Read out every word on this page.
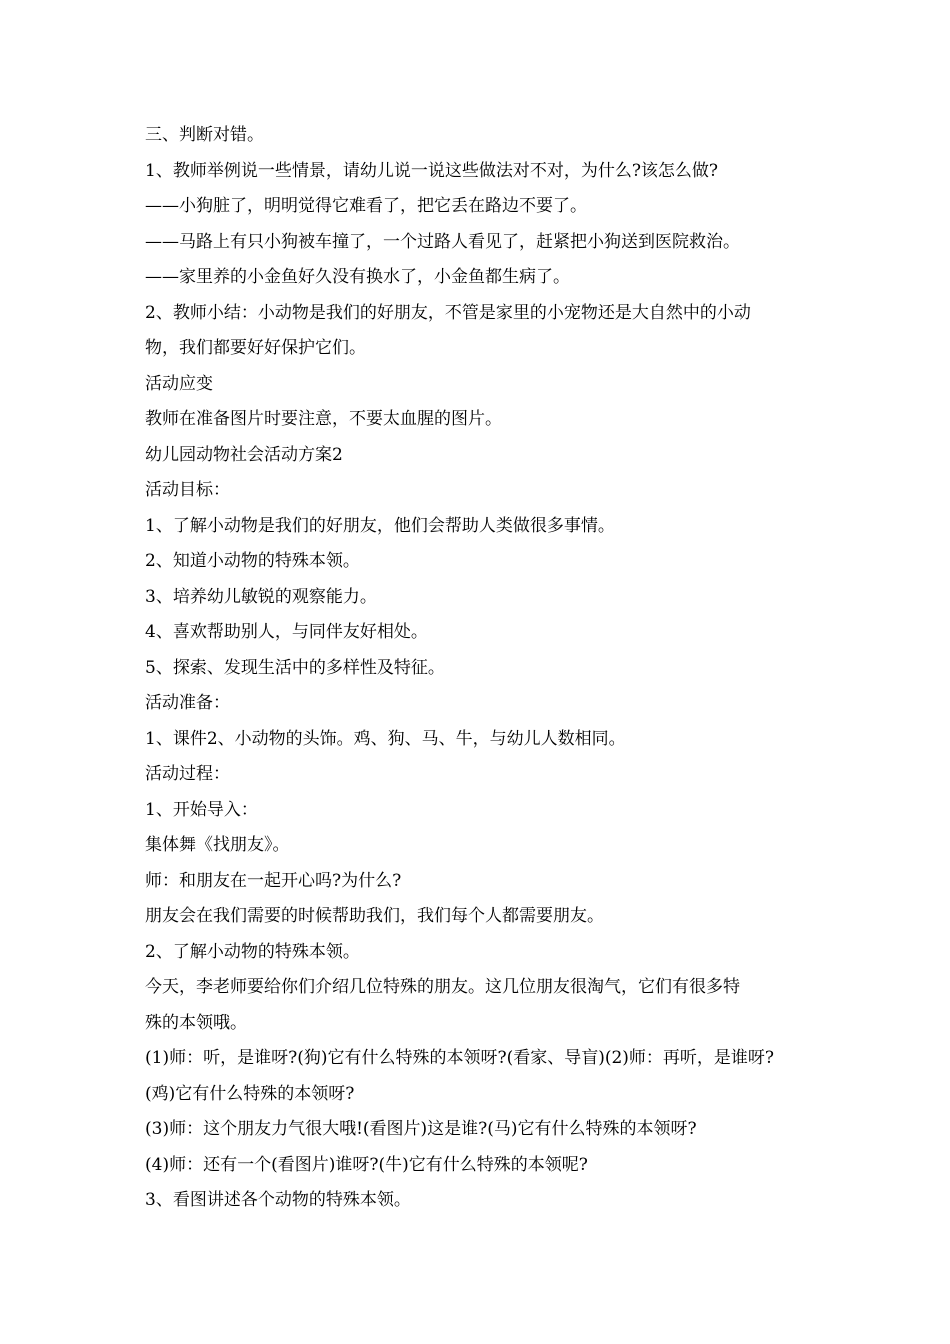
三、判断对错。

1、教师举例说一些情景，请幼儿说一说这些做法对不对，为什么?该怎么做?

——小狗脏了，明明觉得它难看了，把它丢在路边不要了。

——马路上有只小狗被车撞了，一个过路人看见了，赶紧把小狗送到医院救治。

——家里养的小金鱼好久没有换水了，小金鱼都生病了。

2、教师小结：小动物是我们的好朋友，不管是家里的小宠物还是大自然中的小动

物，我们都要好好保护它们。

活动应变

教师在准备图片时要注意，不要太血腥的图片。

幼儿园动物社会活动方案2

活动目标：

1、了解小动物是我们的好朋友，他们会帮助人类做很多事情。

2、知道小动物的特殊本领。

3、培养幼儿敏锐的观察能力。

4、喜欢帮助别人，与同伴友好相处。

5、探索、发现生活中的多样性及特征。

活动准备：

1、课件2、小动物的头饰。鸡、狗、马、牛，与幼儿人数相同。

活动过程：

1、开始导入：

集体舞《找朋友》。

师：和朋友在一起开心吗?为什么?

朋友会在我们需要的时候帮助我们，我们每个人都需要朋友。

2、了解小动物的特殊本领。

今天，李老师要给你们介绍几位特殊的朋友。这几位朋友很淘气，它们有很多特

殊的本领哦。

(1)师：听，是谁呀?(狗)它有什么特殊的本领呀?(看家、导盲)(2)师：再听，是谁呀?

(鸡)它有什么特殊的本领呀?

(3)师：这个朋友力气很大哦!(看图片)这是谁?(马)它有什么特殊的本领呀?

(4)师：还有一个(看图片)谁呀?(牛)它有什么特殊的本领呢?

3、看图讲述各个动物的特殊本领。
